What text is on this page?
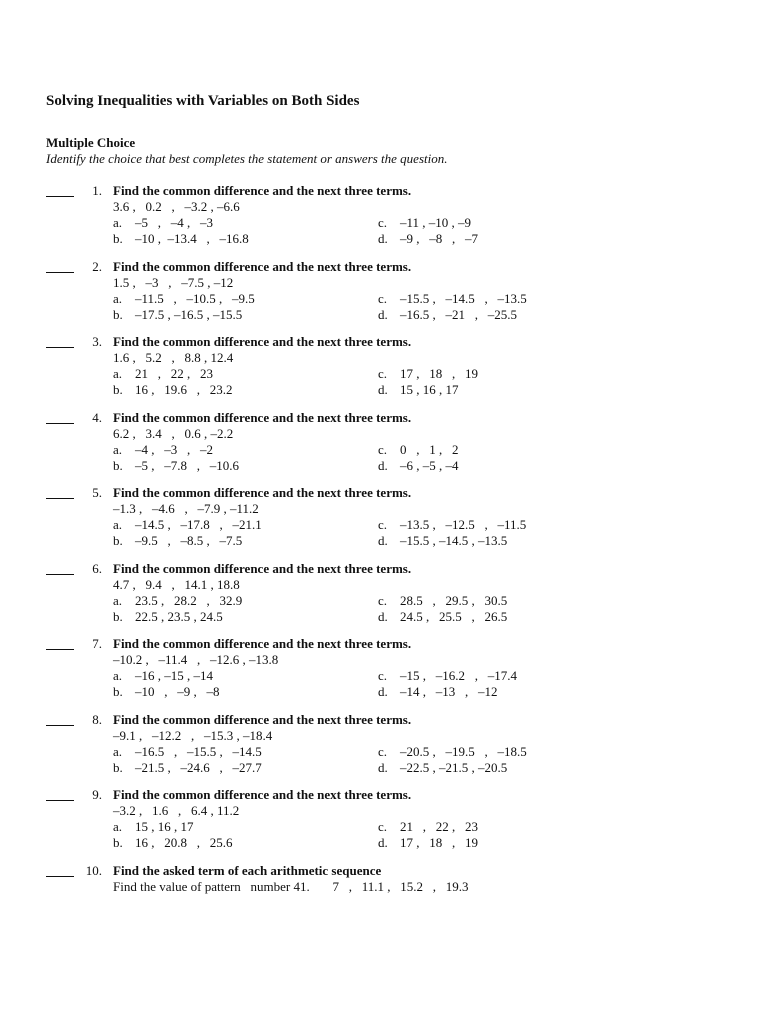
Solving Inequalities with Variables on Both Sides
Multiple Choice
Identify the choice that best completes the statement or answers the question.
1. Find the common difference and the next three terms.
3.6 ,   0.2   ,   –3.2 , –6.6
a. –5   ,   –4 ,   –3
b. –10 ,  –13.4   ,   –16.8
c. –11 , –10 , –9
d. –9 ,   –8   ,   –7
2. Find the common difference and the next three terms.
1.5 ,   –3   ,   –7.5 , –12
a. –11.5   ,   –10.5 ,   –9.5
b. –17.5 , –16.5 , –15.5
c. –15.5 ,   –14.5   ,   –13.5
d. –16.5 ,   –21   ,   –25.5
3. Find the common difference and the next three terms.
1.6 ,   5.2   ,   8.8 , 12.4
a. 21   ,   22 ,   23
b. 16 ,   19.6   ,   23.2
c. 17 ,   18   ,   19
d. 15 , 16 , 17
4. Find the common difference and the next three terms.
6.2 ,   3.4   ,   0.6 , –2.2
a. –4 ,   –3   ,   –2
b. –5 ,   –7.8   ,   –10.6
c. 0   ,   1 ,   2
d. –6 , –5 , –4
5. Find the common difference and the next three terms.
–1.3 ,   –4.6   ,   –7.9 , –11.2
a. –14.5 ,   –17.8   ,   –21.1
b. –9.5   ,   –8.5 ,   –7.5
c. –13.5 ,   –12.5   ,   –11.5
d. –15.5 , –14.5 , –13.5
6. Find the common difference and the next three terms.
4.7 ,   9.4   ,   14.1 , 18.8
a. 23.5 ,   28.2   ,   32.9
b. 22.5 , 23.5 , 24.5
c. 28.5   ,   29.5 ,   30.5
d. 24.5 ,   25.5   ,   26.5
7. Find the common difference and the next three terms.
–10.2 ,   –11.4   ,   –12.6 , –13.8
a. –16 , –15 , –14
b. –10   ,   –9 ,   –8
c. –15 ,   –16.2   ,   –17.4
d. –14 ,   –13   ,   –12
8. Find the common difference and the next three terms.
–9.1 ,   –12.2   ,   –15.3 , –18.4
a. –16.5   ,   –15.5 ,   –14.5
b. –21.5 ,   –24.6   ,   –27.7
c. –20.5 ,   –19.5   ,   –18.5
d. –22.5 , –21.5 , –20.5
9. Find the common difference and the next three terms.
–3.2 ,   1.6   ,   6.4 , 11.2
a. 15 , 16 , 17
b. 16 ,   20.8   ,   25.6
c. 21   ,   22 ,   23
d. 17 ,   18   ,   19
10. Find the asked term of each arithmetic sequence
Find the value of pattern   number 41.       7   ,   11.1 ,   15.2   ,   19.3
